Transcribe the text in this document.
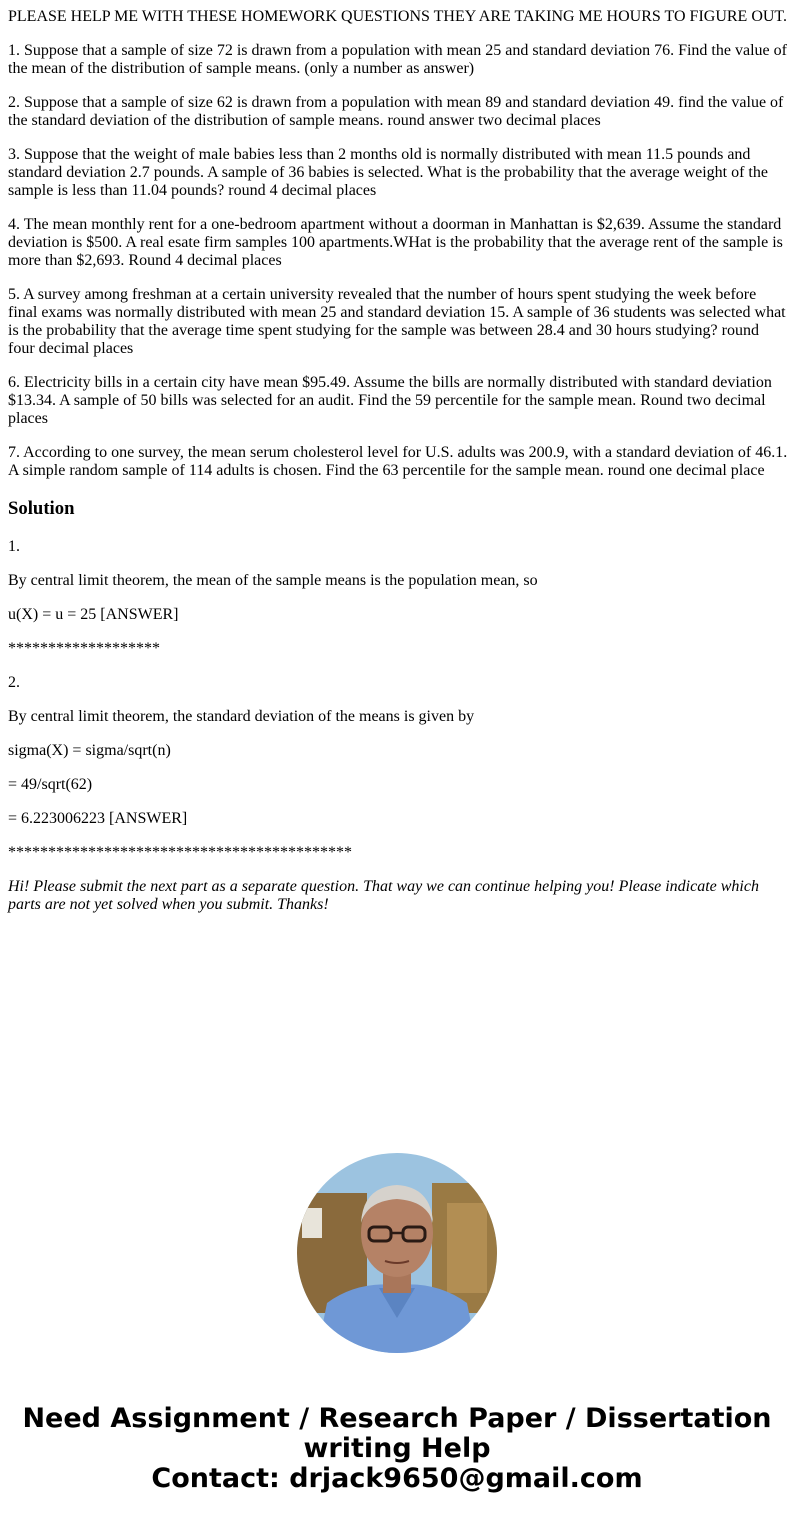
PLEASE HELP ME WITH THESE HOMEWORK QUESTIONS THEY ARE TAKING ME HOURS TO FIGURE OUT.

1. Suppose that a sample of size 72 is drawn from a population with mean 25 and standard deviation 76. Find the value of the mean of the distribution of sample means. (only a number as answer)

2. Suppose that a sample of size 62 is drawn from a population with mean 89 and standard deviation 49. find the value of the standard deviation of the distribution of sample means. round answer two decimal places

3. Suppose that the weight of male babies less than 2 months old is normally distributed with mean 11.5 pounds and standard deviation 2.7 pounds. A sample of 36 babies is selected. What is the probability that the average weight of the sample is less than 11.04 pounds? round 4 decimal places

4. The mean monthly rent for a one-bedroom apartment without a doorman in Manhattan is $2,639. Assume the standard deviation is $500. A real esate firm samples 100 apartments.WHat is the probability that the average rent of the sample is more than $2,693. Round 4 decimal places

5. A survey among freshman at a certain university revealed that the number of hours spent studying the week before final exams was normally distributed with mean 25 and standard deviation 15. A sample of 36 students was selected what is the probability that the average time spent studying for the sample was between 28.4 and 30 hours studying? round four decimal places

6. Electricity bills in a certain city have mean $95.49. Assume the bills are normally distributed with standard deviation $13.34. A sample of 50 bills was selected for an audit. Find the 59 percentile for the sample mean. Round two decimal places

7. According to one survey, the mean serum cholesterol level for U.S. adults was 200.9, with a standard deviation of 46.1. A simple random sample of 114 adults is chosen. Find the 63 percentile for the sample mean. round one decimal place

Solution

1.

By central limit theorem, the mean of the sample means is the population mean, so

u(X) = u = 25 [ANSWER]

*******************

2.

By central limit theorem, the standard deviation of the means is given by

sigma(X) = sigma/sqrt(n)

= 49/sqrt(62)

= 6.223006223 [ANSWER]

*******************************************

Hi! Please submit the next part as a separate question. That way we can continue helping you! Please indicate which parts are not yet solved when you submit. Thanks!

Need Assignment / Research Paper / Dissertation
writing Help
Contact: drjack9650@gmail.com
